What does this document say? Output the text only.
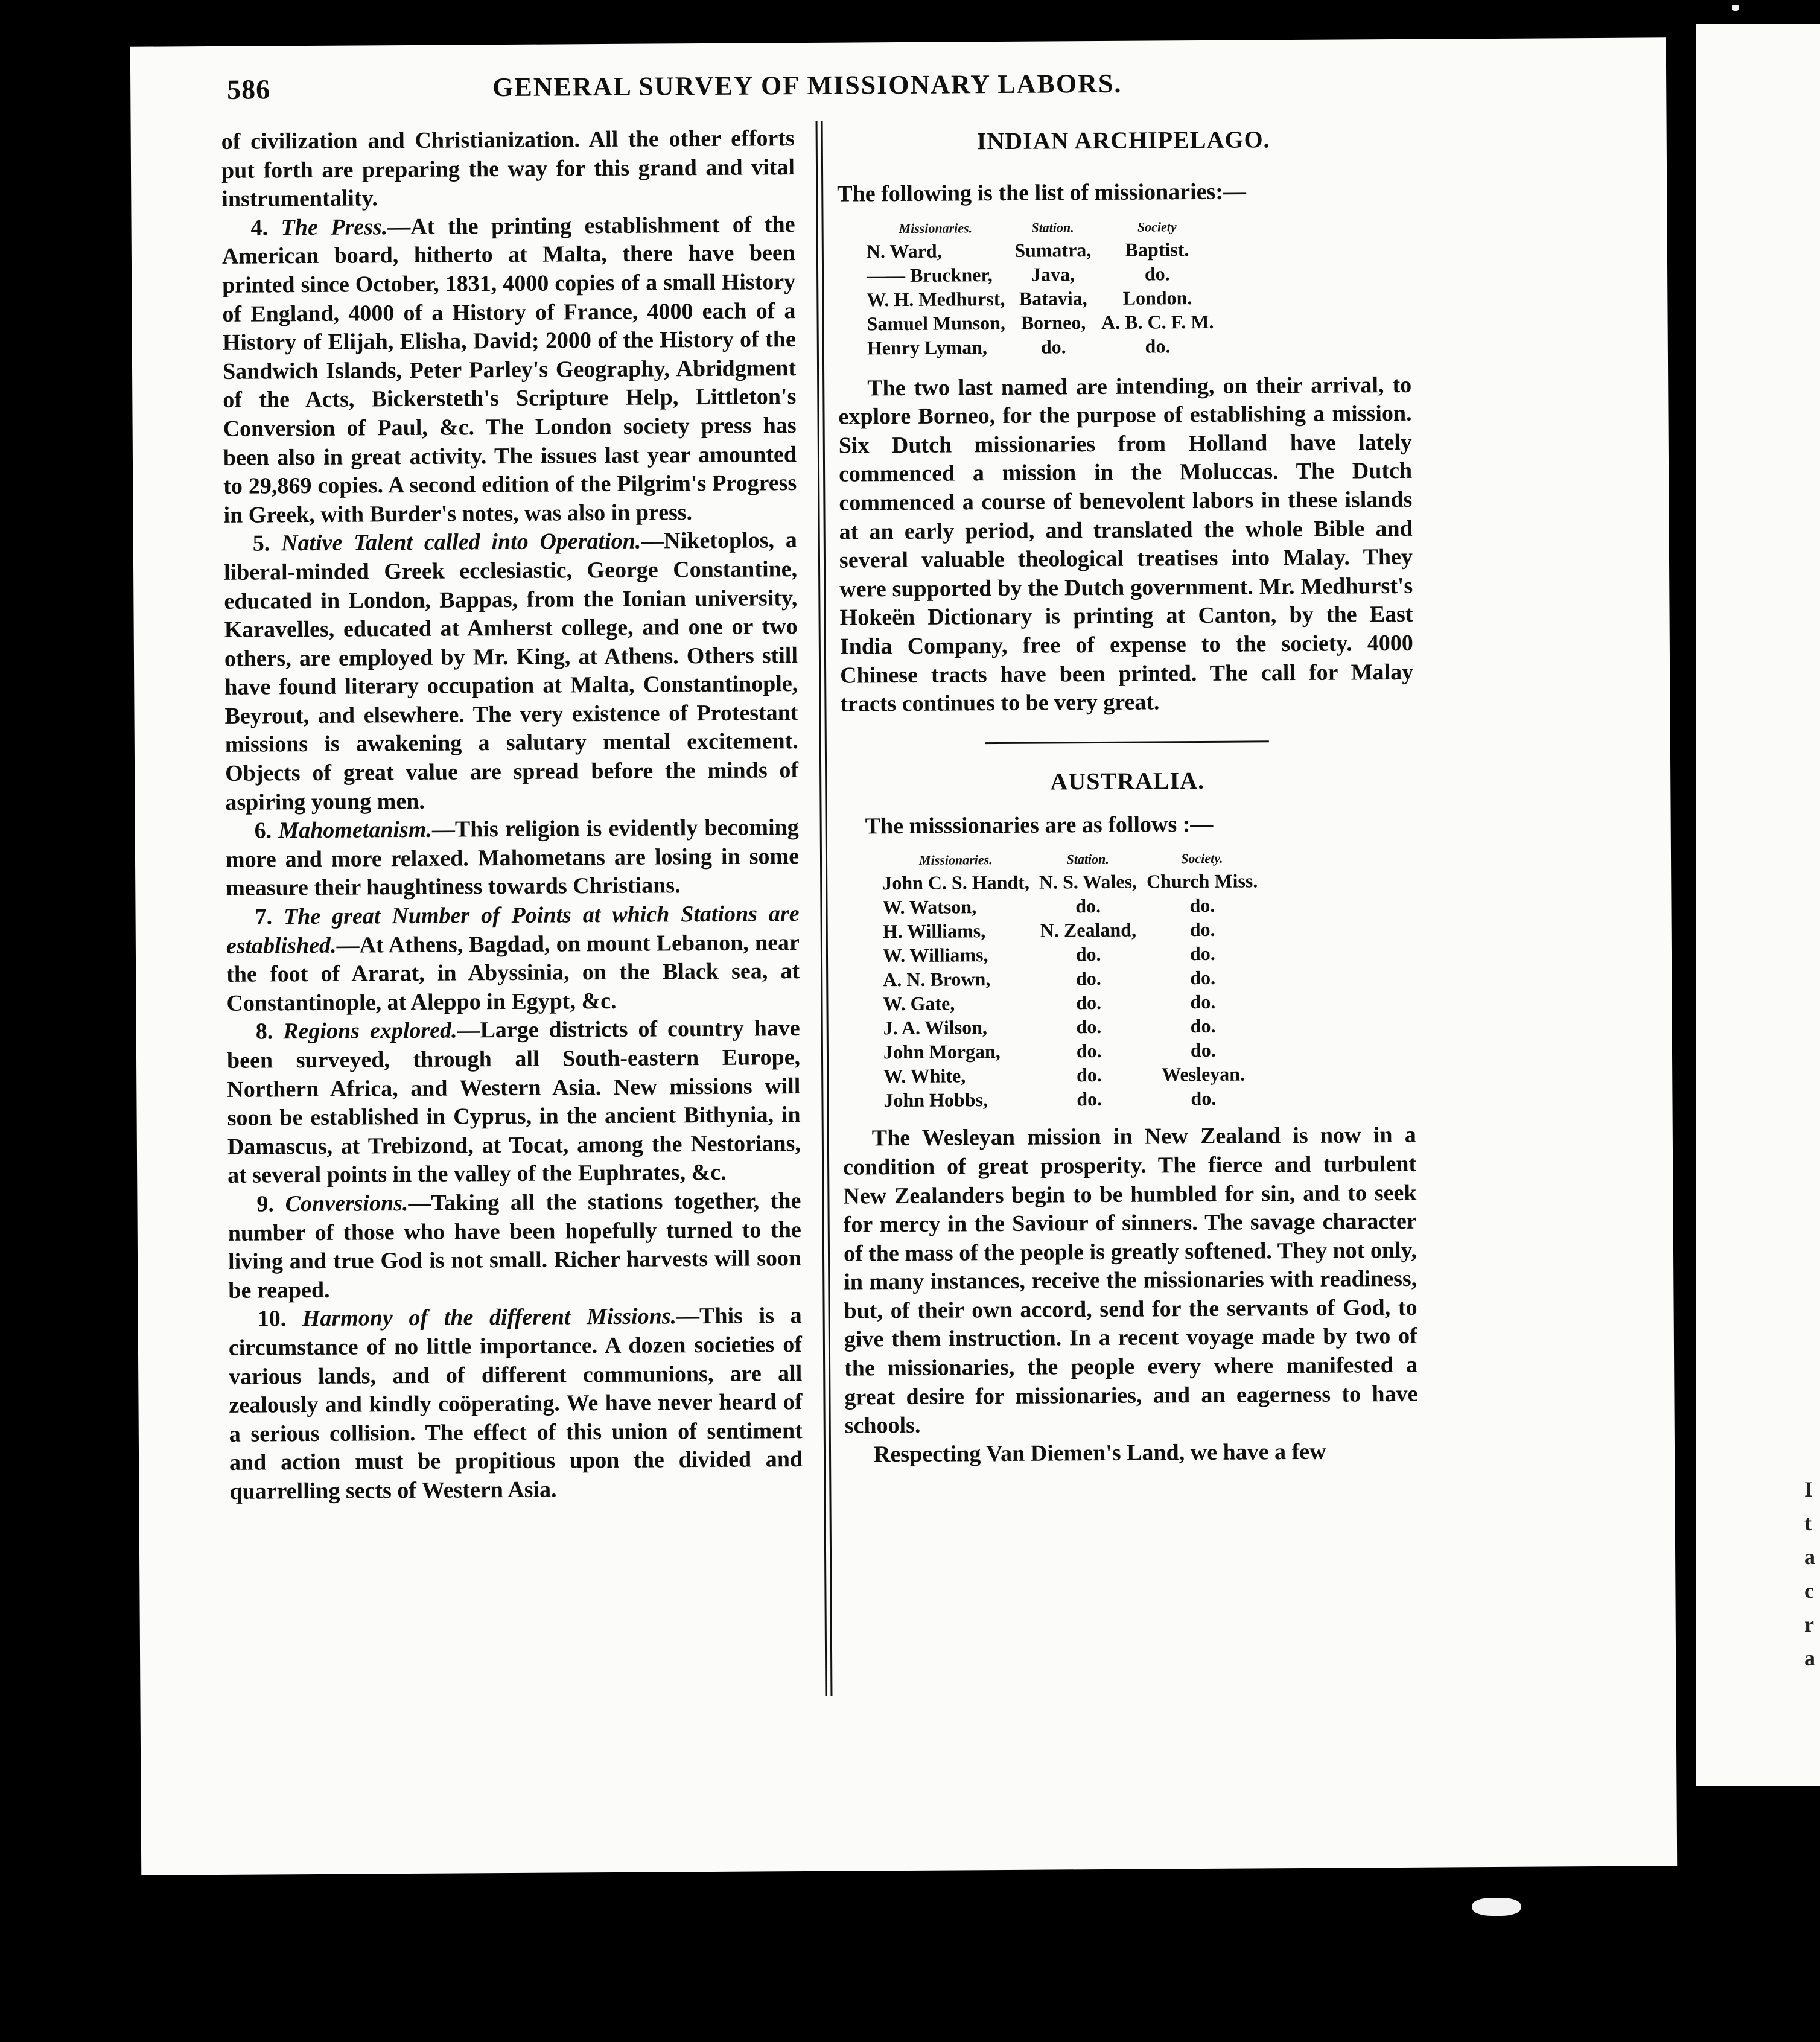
I
t
a
c
r
a
586	GENERAL SURVEY OF MISSIONARY LABORS.

of civilization and Christianization. All the other efforts put forth are preparing the way for this grand and vital instrumentality.

4. The Press.—At the printing establishment of the American board, hitherto at Malta, there have been printed since October, 1831, 4000 copies of a small History of England, 4000 of a History of France, 4000 each of a History of Elijah, Elisha, David; 2000 of the History of the Sandwich Islands, Peter Parley's Geography, Abridgment of the Acts, Bickersteth's Scripture Help, Littleton's Conversion of Paul, &c. The London society press has been also in great activity. The issues last year amounted to 29,869 copies. A second edition of the Pilgrim's Progress in Greek, with Burder's notes, was also in press.

5. Native Talent called into Operation.—Niketoplos, a liberal-minded Greek ecclesiastic, George Constantine, educated in London, Bappas, from the Ionian university, Karavelles, educated at Amherst college, and one or two others, are employed by Mr. King, at Athens. Others still have found literary occupation at Malta, Constantinople, Beyrout, and elsewhere. The very existence of Protestant missions is awakening a salutary mental excitement. Objects of great value are spread before the minds of aspiring young men.

6. Mahometanism.—This religion is evidently becoming more and more relaxed. Mahometans are losing in some measure their haughtiness towards Christians.

7. The great Number of Points at which Stations are established.—At Athens, Bagdad, on mount Lebanon, near the foot of Ararat, in Abyssinia, on the Black sea, at Constantinople, at Aleppo in Egypt, &c.

8. Regions explored.—Large districts of country have been surveyed, through all South-eastern Europe, Northern Africa, and Western Asia. New missions will soon be established in Cyprus, in the ancient Bithynia, in Damascus, at Trebizond, at Tocat, among the Nestorians, at several points in the valley of the Euphrates, &c.

9. Conversions.—Taking all the stations together, the number of those who have been hopefully turned to the living and true God is not small. Richer harvests will soon be reaped.

10. Harmony of the different Missions.—This is a circumstance of no little importance. A dozen societies of various lands, and of different communions, are all zealously and kindly coöperating. We have never heard of a serious collision. The effect of this union of sentiment and action must be propitious upon the divided and quarrelling sects of Western Asia.

INDIAN ARCHIPELAGO.

The following is the list of missionaries:—

Missionaries.	Station.	Society
N. Ward,	Sumatra,	Baptist.
—— Bruckner,	Java,	do.
W. H. Medhurst,	Batavia,	London.
Samuel Munson,	Borneo,	A. B. C. F. M.
Henry Lyman,	do.	do.

The two last named are intending, on their arrival, to explore Borneo, for the purpose of establishing a mission. Six Dutch missionaries from Holland have lately commenced a mission in the Moluccas. The Dutch commenced a course of benevolent labors in these islands at an early period, and translated the whole Bible and several valuable theological treatises into Malay. They were supported by the Dutch government. Mr. Medhurst's Hokeën Dictionary is printing at Canton, by the East India Company, free of expense to the society. 4000 Chinese tracts have been printed. The call for Malay tracts continues to be very great.

AUSTRALIA.

The misssionaries are as follows :—

Missionaries.	Station.	Society.
John C. S. Handt,	N. S. Wales,	Church Miss.
W. Watson,	do.	do.
H. Williams,	N. Zealand,	do.
W. Williams,	do.	do.
A. N. Brown,	do.	do.
W. Gate,	do.	do.
J. A. Wilson,	do.	do.
John Morgan,	do.	do.
W. White,	do.	Wesleyan.
John Hobbs,	do.	do.

The Wesleyan mission in New Zealand is now in a condition of great prosperity. The fierce and turbulent New Zealanders begin to be humbled for sin, and to seek for mercy in the Saviour of sinners. The savage character of the mass of the people is greatly softened. They not only, in many instances, receive the missionaries with readiness, but, of their own accord, send for the servants of God, to give them instruction. In a recent voyage made by two of the missionaries, the people every where manifested a great desire for missionaries, and an eagerness to have schools.

Respecting Van Diemen's Land, we have a few
